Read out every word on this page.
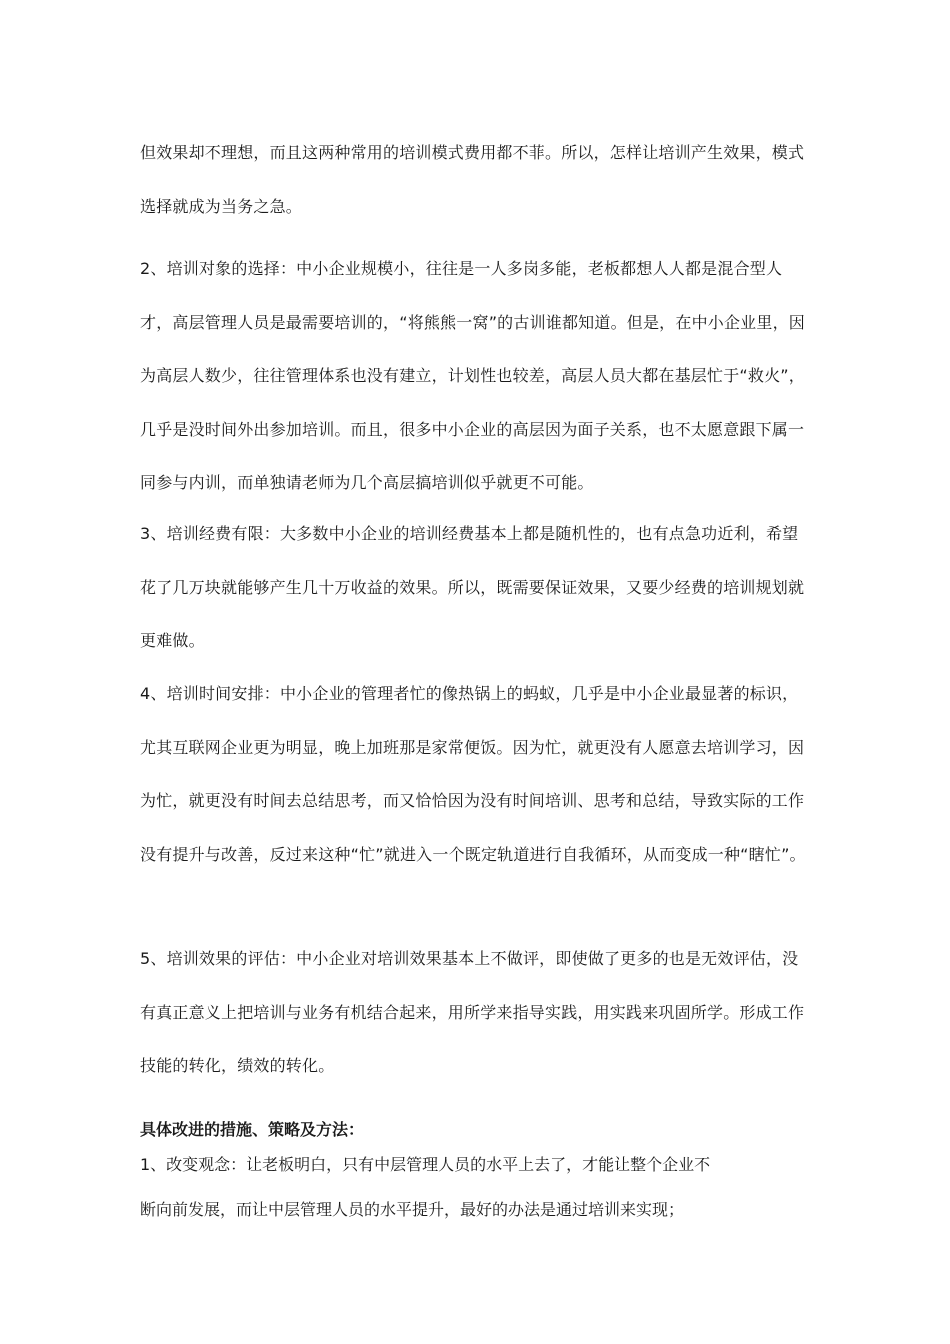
但效果却不理想，而且这两种常用的培训模式费用都不菲。所以，怎样让培训产生效果，模式选择就成为当务之急。

2、培训对象的选择：中小企业规模小，往往是一人多岗多能，老板都想人人都是混合型人才，高层管理人员是最需要培训的，“将熊熊一窝”的古训谁都知道。但是，在中小企业里，因为高层人数少，往往管理体系也没有建立，计划性也较差，高层人员大都在基层忙于“救火”，几乎是没时间外出参加培训。而且，很多中小企业的高层因为面子关系，也不太愿意跟下属一同参与内训，而单独请老师为几个高层搞培训似乎就更不可能。

3、培训经费有限：大多数中小企业的培训经费基本上都是随机性的，也有点急功近利，希望花了几万块就能够产生几十万收益的效果。所以，既需要保证效果，又要少经费的培训规划就更难做。

4、培训时间安排：中小企业的管理者忙的像热锅上的蚂蚁，几乎是中小企业最显著的标识，尤其互联网企业更为明显，晚上加班那是家常便饭。因为忙，就更没有人愿意去培训学习，因为忙，就更没有时间去总结思考，而又恰恰因为没有时间培训、思考和总结，导致实际的工作没有提升与改善，反过来这种“忙”就进入一个既定轨道进行自我循环，从而变成一种“瞎忙”。

5、培训效果的评估：中小企业对培训效果基本上不做评，即使做了更多的也是无效评估，没有真正意义上把培训与业务有机结合起来，用所学来指导实践，用实践来巩固所学。形成工作技能的转化，绩效的转化。

具体改进的措施、策略及方法：

1、改变观念：让老板明白，只有中层管理人员的水平上去了，才能让整个企业不

断向前发展，而让中层管理人员的水平提升，最好的办法是通过培训来实现；
